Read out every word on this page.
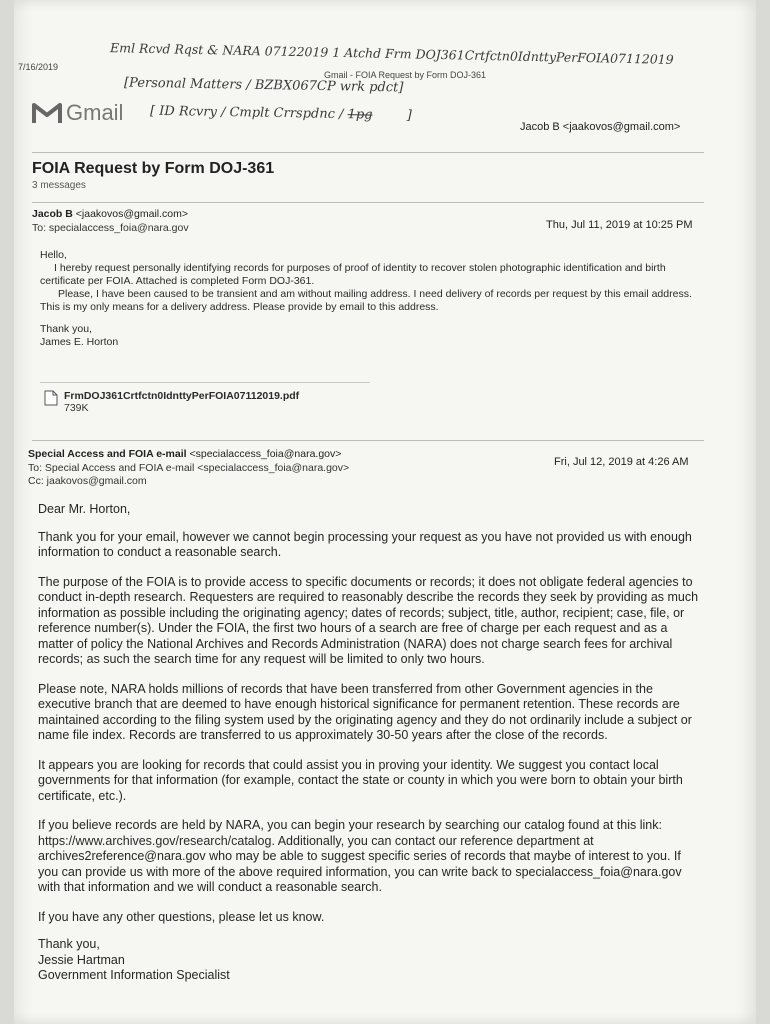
7/16/2019
Gmail - FOIA Request by Form DOJ-361
Eml Rcvd Rqst & NARA 07122019 1 Atchd Frm DOJ361Crtfctn0IdnttyPerFOIA07112019
[Personal Matters / BZBX067CP wrk pdct]
Gmail [ ID Rcvry / Cmplt Crrspdnc / 1pg	]
Jacob B <jaakovos@gmail.com>
FOIA Request by Form DOJ-361
3 messages
Jacob B <jaakovos@gmail.com>
To: specialaccess_foia@nara.gov	Thu, Jul 11, 2019 at 10:25 PM

Hello,

I hereby request personally identifying records for purposes of proof of identity to recover stolen photographic identification and birth certificate per FOIA. Attached is completed Form DOJ-361.

Please, I have been caused to be transient and am without mailing address. I need delivery of records per request by this email address. This is my only means for a delivery address. Please provide by email to this address.

Thank you,

James E. Horton

FrmDOJ361Crtfctn0IdnttyPerFOIA07112019.pdf
739K
Special Access and FOIA e-mail <specialaccess_foia@nara.gov>
To: Special Access and FOIA e-mail <specialaccess_foia@nara.gov>
Cc: jaakovos@gmail.com
Fri, Jul 12, 2019 at 4:26 AM

Dear Mr. Horton,

Thank you for your email, however we cannot begin processing your request as you have not provided us with enough information to conduct a reasonable search.

The purpose of the FOIA is to provide access to specific documents or records; it does not obligate federal agencies to conduct in-depth research. Requesters are required to reasonably describe the records they seek by providing as much information as possible including the originating agency; dates of records; subject, title, author, recipient; case, file, or reference number(s). Under the FOIA, the first two hours of a search are free of charge per each request and as a matter of policy the National Archives and Records Administration (NARA) does not charge search fees for archival records; as such the search time for any request will be limited to only two hours.

Please note, NARA holds millions of records that have been transferred from other Government agencies in the executive branch that are deemed to have enough historical significance for permanent retention. These records are maintained according to the filing system used by the originating agency and they do not ordinarily include a subject or name file index. Records are transferred to us approximately 30-50 years after the close of the records.

It appears you are looking for records that could assist you in proving your identity. We suggest you contact local governments for that information (for example, contact the state or county in which you were born to obtain your birth certificate, etc.).

If you believe records are held by NARA, you can begin your research by searching our catalog found at this link: https://www.archives.gov/research/catalog. Additionally, you can contact our reference department at archives2reference@nara.gov who may be able to suggest specific series of records that maybe of interest to you. If you can provide us with more of the above required information, you can write back to specialaccess_foia@nara.gov with that information and we will conduct a reasonable search.

If you have any other questions, please let us know.

Thank you,

Jessie Hartman

Government Information Specialist
